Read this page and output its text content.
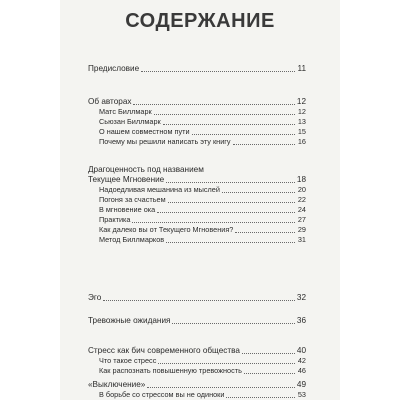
СОДЕРЖАНИЕ
Предисловие	11
Об авторах	12
Матс Биллмарк	12
Сьюзан Биллмарк	13
О нашем совместном пути	15
Почему мы решили написать эту книгу	16
Драгоценность под названием
Текущее Мгновение	18
Надоедливая мешанина из мыслей	20
Погоня за счастьем	22
В мгновение ока	24
Практика	27
Как далеко вы от Текущего Мгновения?	29
Метод Биллмарков	31
Эго	32
Тревожные ожидания	36
Стресс как бич современного общества	40
Что такое стресс	42
Как распознать повышенную тревожность	46
«Выключение»	49
В борьбе со стрессом вы не одиноки	53
